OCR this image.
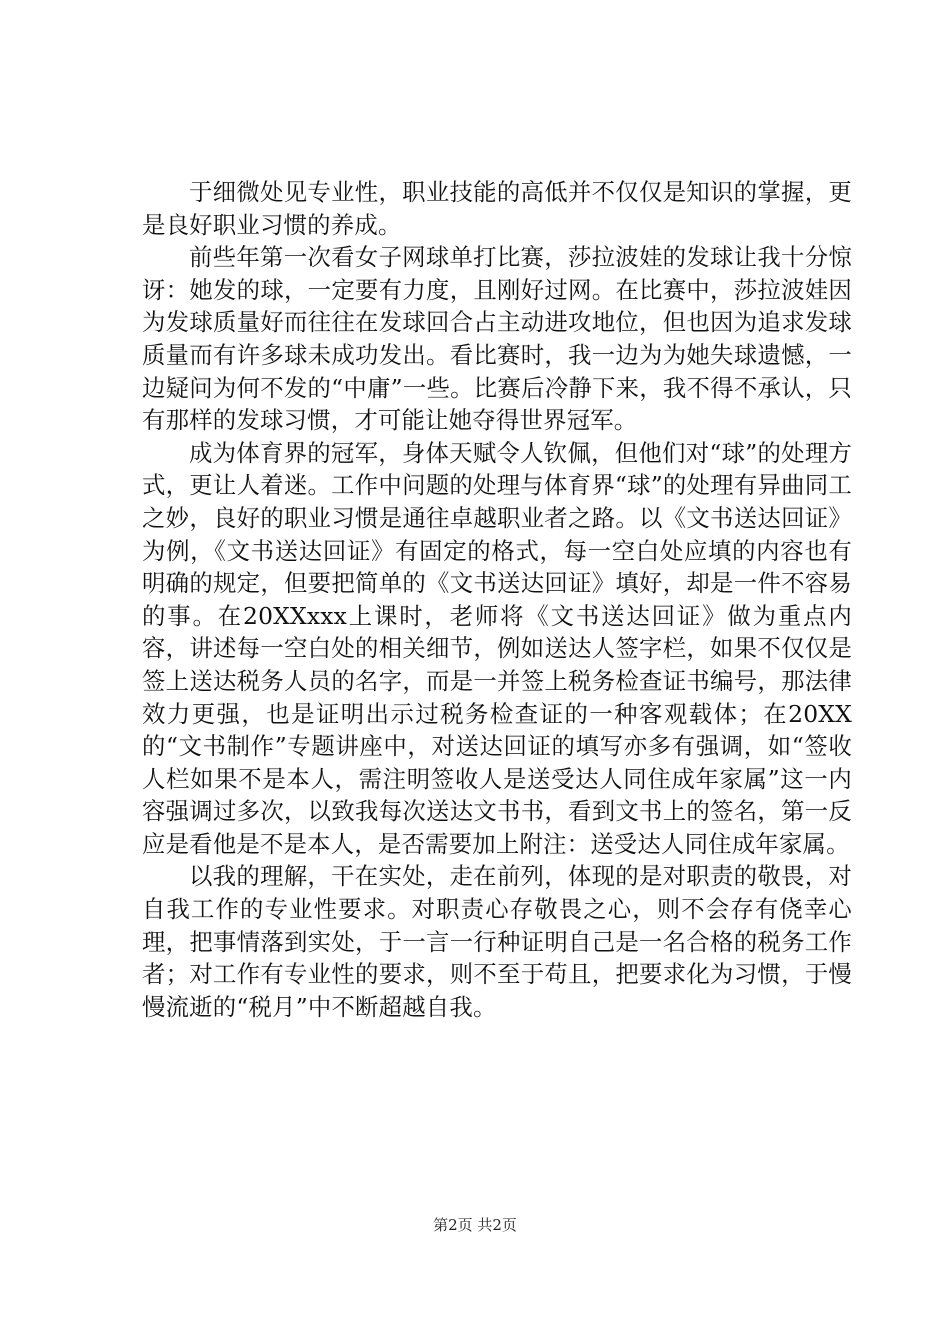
于细微处见专业性，职业技能的高低并不仅仅是知识的掌握，更是良好职业习惯的养成。

前些年第一次看女子网球单打比赛，莎拉波娃的发球让我十分惊讶：她发的球，一定要有力度，且刚好过网。在比赛中，莎拉波娃因为发球质量好而往往在发球回合占主动进攻地位，但也因为追求发球质量而有许多球未成功发出。看比赛时，我一边为为她失球遗憾，一边疑问为何不发的“中庸”一些。比赛后冷静下来，我不得不承认，只有那样的发球习惯，才可能让她夺得世界冠军。

成为体育界的冠军，身体天赋令人钦佩，但他们对“球”的处理方式，更让人着迷。工作中问题的处理与体育界“球”的处理有异曲同工之妙，良好的职业习惯是通往卓越职业者之路。以《文书送达回证》为例，《文书送达回证》有固定的格式，每一空白处应填的内容也有明确的规定，但要把简单的《文书送达回证》填好，却是一件不容易的事。在20XXxxx上课时，老师将《文书送达回证》做为重点内容，讲述每一空白处的相关细节，例如送达人签字栏，如果不仅仅是签上送达税务人员的名字，而是一并签上税务检查证书编号，那法律效力更强，也是证明出示过税务检查证的一种客观载体；在20XX的“文书制作”专题讲座中，对送达回证的填写亦多有强调，如“签收人栏如果不是本人，需注明签收人是送受达人同住成年家属”这一内容强调过多次，以致我每次送达文书书，看到文书上的签名，第一反应是看他是不是本人，是否需要加上附注：送受达人同住成年家属。

以我的理解，干在实处，走在前列，体现的是对职责的敬畏，对自我工作的专业性要求。对职责心存敬畏之心，则不会存有侥幸心理，把事情落到实处，于一言一行种证明自己是一名合格的税务工作者；对工作有专业性的要求，则不至于苟且，把要求化为习惯，于慢慢流逝的“税月”中不断超越自我。

第2页 共2页
